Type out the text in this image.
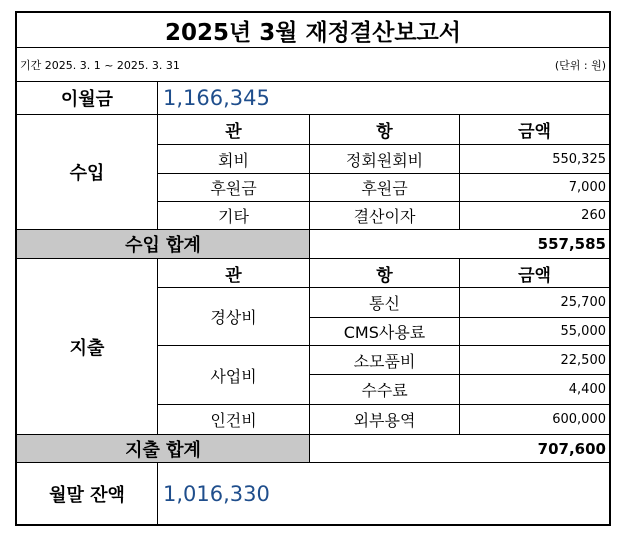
2025년 3월 재정결산보고서
기간 2025. 3. 1 ~ 2025. 3. 31	(단위 : 원)
이월금	1,166,345
수입
관	항	금액
회비	정회원회비	550,325
후원금	후원금	7,000
기타	결산이자	260
수입 합계	557,585
지출
관	항	금액
경상비
통신	25,700
CMS사용료	55,000
사업비
소모품비	22,500
수수료	4,400
인건비	외부용역	600,000
지출 합계	707,600
월말 잔액	1,016,330
